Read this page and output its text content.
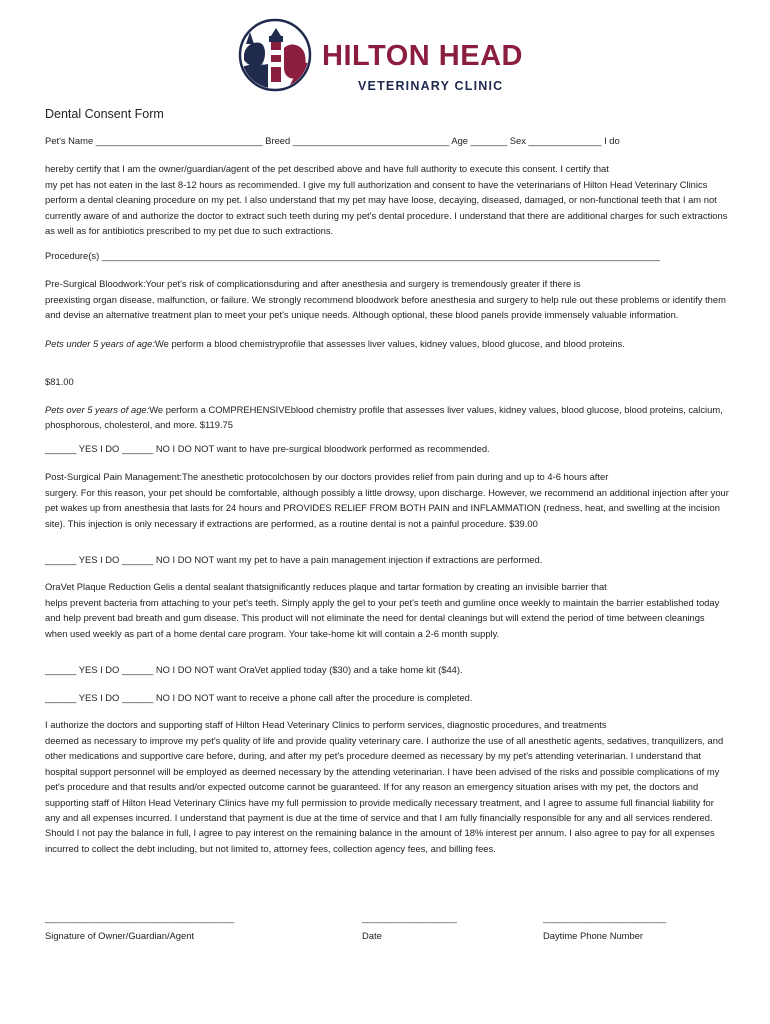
HILTON HEAD
VETERINARY CLINIC
Dental Consent Form
Pet's Name ________________________________ Breed ______________________________ Age _______ Sex ______________ I do
hereby certify that I am the owner/guardian/agent of the pet described above and have full authority to execute this consent. I certify that
my pet has not eaten in the last 8-12 hours as recommended. I give my full authorization and consent to have the veterinarians of Hilton Head Veterinary Clinics perform a dental cleaning procedure on my pet. I also understand that my pet may have loose, decaying, diseased, damaged, or non-functional teeth that I am not currently aware of and authorize the doctor to extract such teeth during my pet's dental procedure. I understand that there are additional charges for such extractions as well as for antibiotics prescribed to my pet due to such extractions.
Procedure(s) ___________________________________________________________________________________________________________
Pre-Surgical Bloodwork:Your pet's risk of complicationsduring and after anesthesia and surgery is tremendously greater if there is
preexisting organ disease, malfunction, or failure. We strongly recommend bloodwork before anesthesia and surgery to help rule out these problems or identify them and devise an alternative treatment plan to meet your pet's unique needs. Although optional, these blood panels provide immensely valuable information.
Pets under 5 years of age:We perform a blood chemistryprofile that assesses liver values, kidney values, blood glucose, and blood proteins.
$81.00
Pets over 5 years of age:We perform a COMPREHENSIVEblood chemistry profile that assesses liver values, kidney values, blood glucose, blood proteins, calcium, phosphorous, cholesterol, and more. $119.75
______ YES I DO ______ NO I DO NOT want to have pre-surgical bloodwork performed as recommended.
Post-Surgical Pain Management:The anesthetic protocolchosen by our doctors provides relief from pain during and up to 4-6 hours after
surgery. For this reason, your pet should be comfortable, although possibly a little drowsy, upon discharge. However, we recommend an additional injection after your pet wakes up from anesthesia that lasts for 24 hours and PROVIDES RELIEF FROM BOTH PAIN and INFLAMMATION (redness, heat, and swelling at the incision site). This injection is only necessary if extractions are performed, as a routine dental is not a painful procedure. $39.00
______ YES I DO ______ NO I DO NOT want my pet to have a pain management injection if extractions are performed.
OraVet Plaque Reduction Gelis a dental sealant thatsignificantly reduces plaque and tartar formation by creating an invisible barrier that
helps prevent bacteria from attaching to your pet's teeth. Simply apply the gel to your pet's teeth and gumline once weekly to maintain the barrier established today and help prevent bad breath and gum disease. This product will not eliminate the need for dental cleanings but will extend the period of time between cleanings when used weekly as part of a home dental care program. Your take-home kit will contain a 2-6 month supply.
______ YES I DO ______ NO I DO NOT want OraVet applied today ($30) and a take home kit ($44).
______ YES I DO ______ NO I DO NOT want to receive a phone call after the procedure is completed.
I authorize the doctors and supporting staff of Hilton Head Veterinary Clinics to perform services, diagnostic procedures, and treatments
deemed as necessary to improve my pet's quality of life and provide quality veterinary care. I authorize the use of all anesthetic agents, sedatives, tranquilizers, and other medications and supportive care before, during, and after my pet's procedure deemed as necessary by my pet's attending veterinarian. I understand that hospital support personnel will be employed as deemed necessary by the attending veterinarian. I have been advised of the risks and possible complications of my pet's procedure and that results and/or expected outcome cannot be guaranteed. If for any reason an emergency situation arises with my pet, the doctors and supporting staff of Hilton Head Veterinary Clinics have my full permission to provide medically necessary treatment, and I agree to assume full financial liability for any and all expenses incurred. I understand that payment is due at the time of service and that I am fully financially responsible for any and all services rendered. Should I not pay the balance in full, I agree to pay interest on the remaining balance in the amount of 18% interest per annum. I also agree to pay for all expenses incurred to collect the debt including, but not limited to, attorney fees, collection agency fees, and billing fees.
________________________________________
Signature of Owner/Guardian/Agent
____________________
Date
__________________________
Daytime Phone Number
